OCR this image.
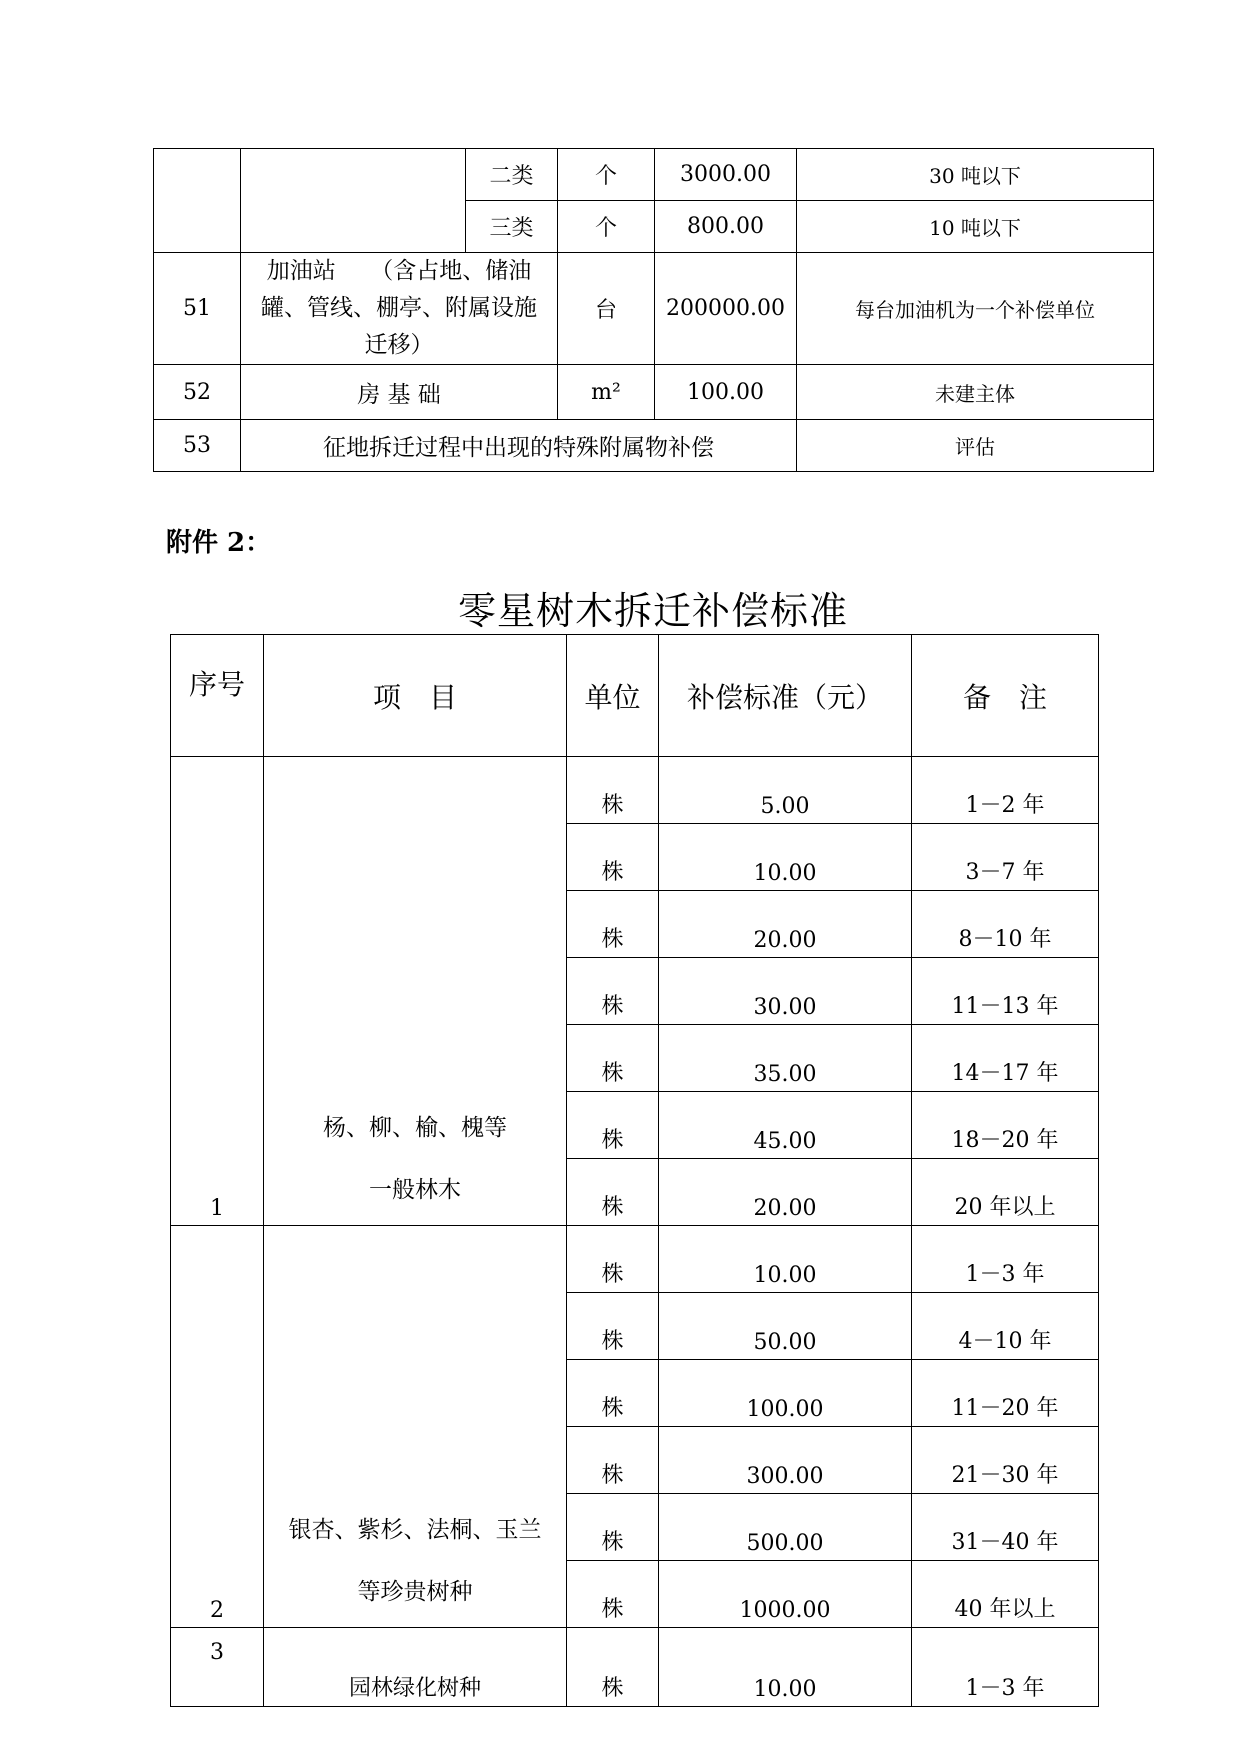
		二类	个	3000.00	30 吨以下
		三类	个	800.00	10 吨以下
51	加油站　　（含占地、储油罐、管线、棚亭、附属设施迁移）		台	200000.00	每台加油机为一个补偿单位
52	房 基 础		m²	100.00	未建主体
53	征地拆迁过程中出现的特殊附属物补偿				评估
附件 2：
零星树木拆迁补偿标准
序号	项　目	单位	补偿标准（元）	备　注
1	杨、柳、榆、槐等
一般林木	株	5.00	1－2 年
		株	10.00	3－7 年
		株	20.00	8－10 年
		株	30.00	11－13 年
		株	35.00	14－17 年
		株	45.00	18－20 年
		株	20.00	20 年以上
2	银杏、紫杉、法桐、玉兰
等珍贵树种	株	10.00	1－3 年
		株	50.00	4－10 年
		株	100.00	11－20 年
		株	300.00	21－30 年
		株	500.00	31－40 年
		株	1000.00	40 年以上
3	园林绿化树种	株	10.00	1－3 年
